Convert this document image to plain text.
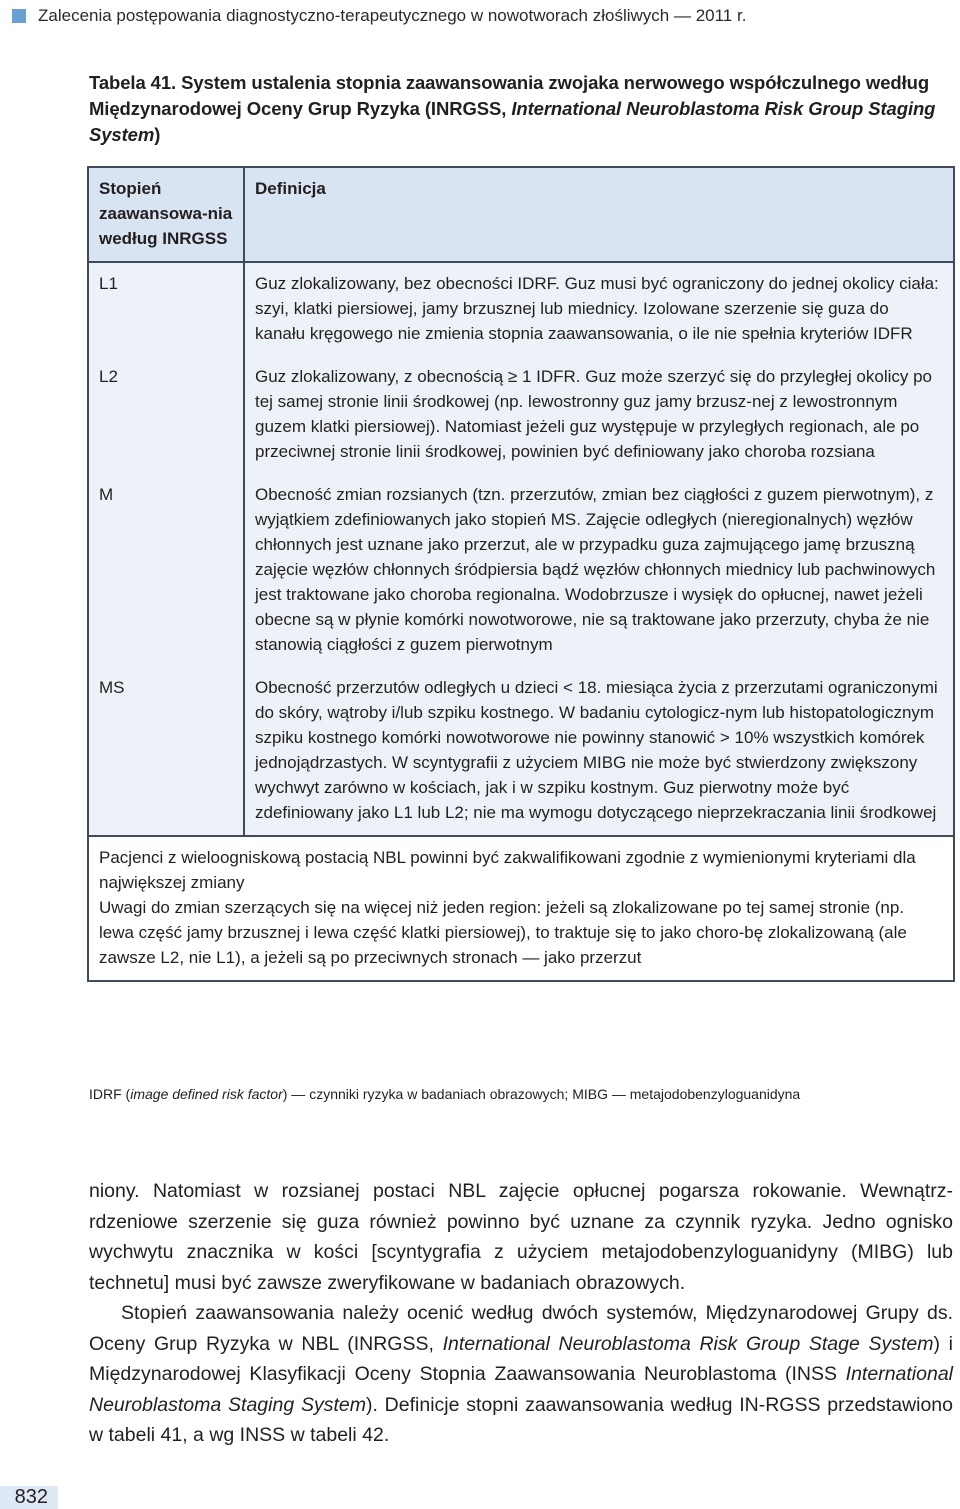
Zalecenia postępowania diagnostyczno-terapeutycznego w nowotworach złośliwych — 2011 r.
Tabela 41. System ustalenia stopnia zaawansowania zwojaka nerwowego współczulnego według Międzynarodowej Oceny Grup Ryzyka (INRGSS, International Neuroblastoma Risk Group Staging System)
Stopień zaawansowa-nia według INRGSS	Definicja
L1	Guz zlokalizowany, bez obecności IDRF. Guz musi być ograniczony do jednej okolicy ciała: szyi, klatki piersiowej, jamy brzusznej lub miednicy. Izolowane szerzenie się guza do kanału kręgowego nie zmienia stopnia zaawansowania, o ile nie spełnia kryteriów IDFR
L2	Guz zlokalizowany, z obecnością ≥ 1 IDFR. Guz może szerzyć się do przyległej okolicy po tej samej stronie linii środkowej (np. lewostronny guz jamy brzusz-nej z lewostronnym guzem klatki piersiowej). Natomiast jeżeli guz występuje w przyległych regionach, ale po przeciwnej stronie linii środkowej, powinien być definiowany jako choroba rozsiana
M	Obecność zmian rozsianych (tzn. przerzutów, zmian bez ciągłości z guzem pierwotnym), z wyjątkiem zdefiniowanych jako stopień MS. Zajęcie odległych (nieregionalnych) węzłów chłonnych jest uznane jako przerzut, ale w przypadku guza zajmującego jamę brzuszną zajęcie węzłów chłonnych śródpiersia bądź węzłów chłonnych miednicy lub pachwinowych jest traktowane jako choroba regionalna. Wodobrzusze i wysięk do opłucnej, nawet jeżeli obecne są w płynie komórki nowotworowe, nie są traktowane jako przerzuty, chyba że nie stanowią ciągłości z guzem pierwotnym
MS	Obecność przerzutów odległych u dzieci < 18. miesiąca życia z przerzutami ograniczonymi do skóry, wątroby i/lub szpiku kostnego. W badaniu cytologicz-nym lub histopatologicznym szpiku kostnego komórki nowotworowe nie powinny stanowić > 10% wszystkich komórek jednojądrzastych. W scyntygrafii z użyciem MIBG nie może być stwierdzony zwiększony wychwyt zarówno w kościach, jak i w szpiku kostnym. Guz pierwotny może być zdefiniowany jako L1 lub L2; nie ma wymogu dotyczącego nieprzekraczania linii środkowej

Pacjenci z wieloogniskową postacią NBL powinni być zakwalifikowani zgodnie z wymienionymi kryteriami dla największej zmiany

Uwagi do zmian szerzących się na więcej niż jeden region: jeżeli są zlokalizowane po tej samej stronie (np. lewa część jamy brzusznej i lewa część klatki piersiowej), to traktuje się to jako choro-bę zlokalizowaną (ale zawsze L2, nie L1), a jeżeli są po przeciwnych stronach — jako przerzut	

IDRF (image defined risk factor) — czynniki ryzyka w badaniach obrazowych; MIBG — metajodobenzyloguanidyna

niony. Natomiast w rozsianej postaci NBL zajęcie opłucnej pogarsza rokowanie. Wewnątrz-rdzeniowe szerzenie się guza również powinno być uznane za czynnik ryzyka. Jedno ognisko wychwytu znacznika w kości [scyntygrafia z użyciem metajodobenzyloguanidyny (MIBG) lub technetu] musi być zawsze zweryfikowane w badaniach obrazowych.

Stopień zaawansowania należy ocenić według dwóch systemów, Międzynarodowej Grupy ds. Oceny Grup Ryzyka w NBL (INRGSS, International Neuroblastoma Risk Group Stage System) i Międzynarodowej Klasyfikacji Oceny Stopnia Zaawansowania Neuroblastoma (INSS International Neuroblastoma Staging System). Definicje stopni zaawansowania według IN-RGSS przedstawiono w tabeli 41, a wg INSS w tabeli 42.

832
